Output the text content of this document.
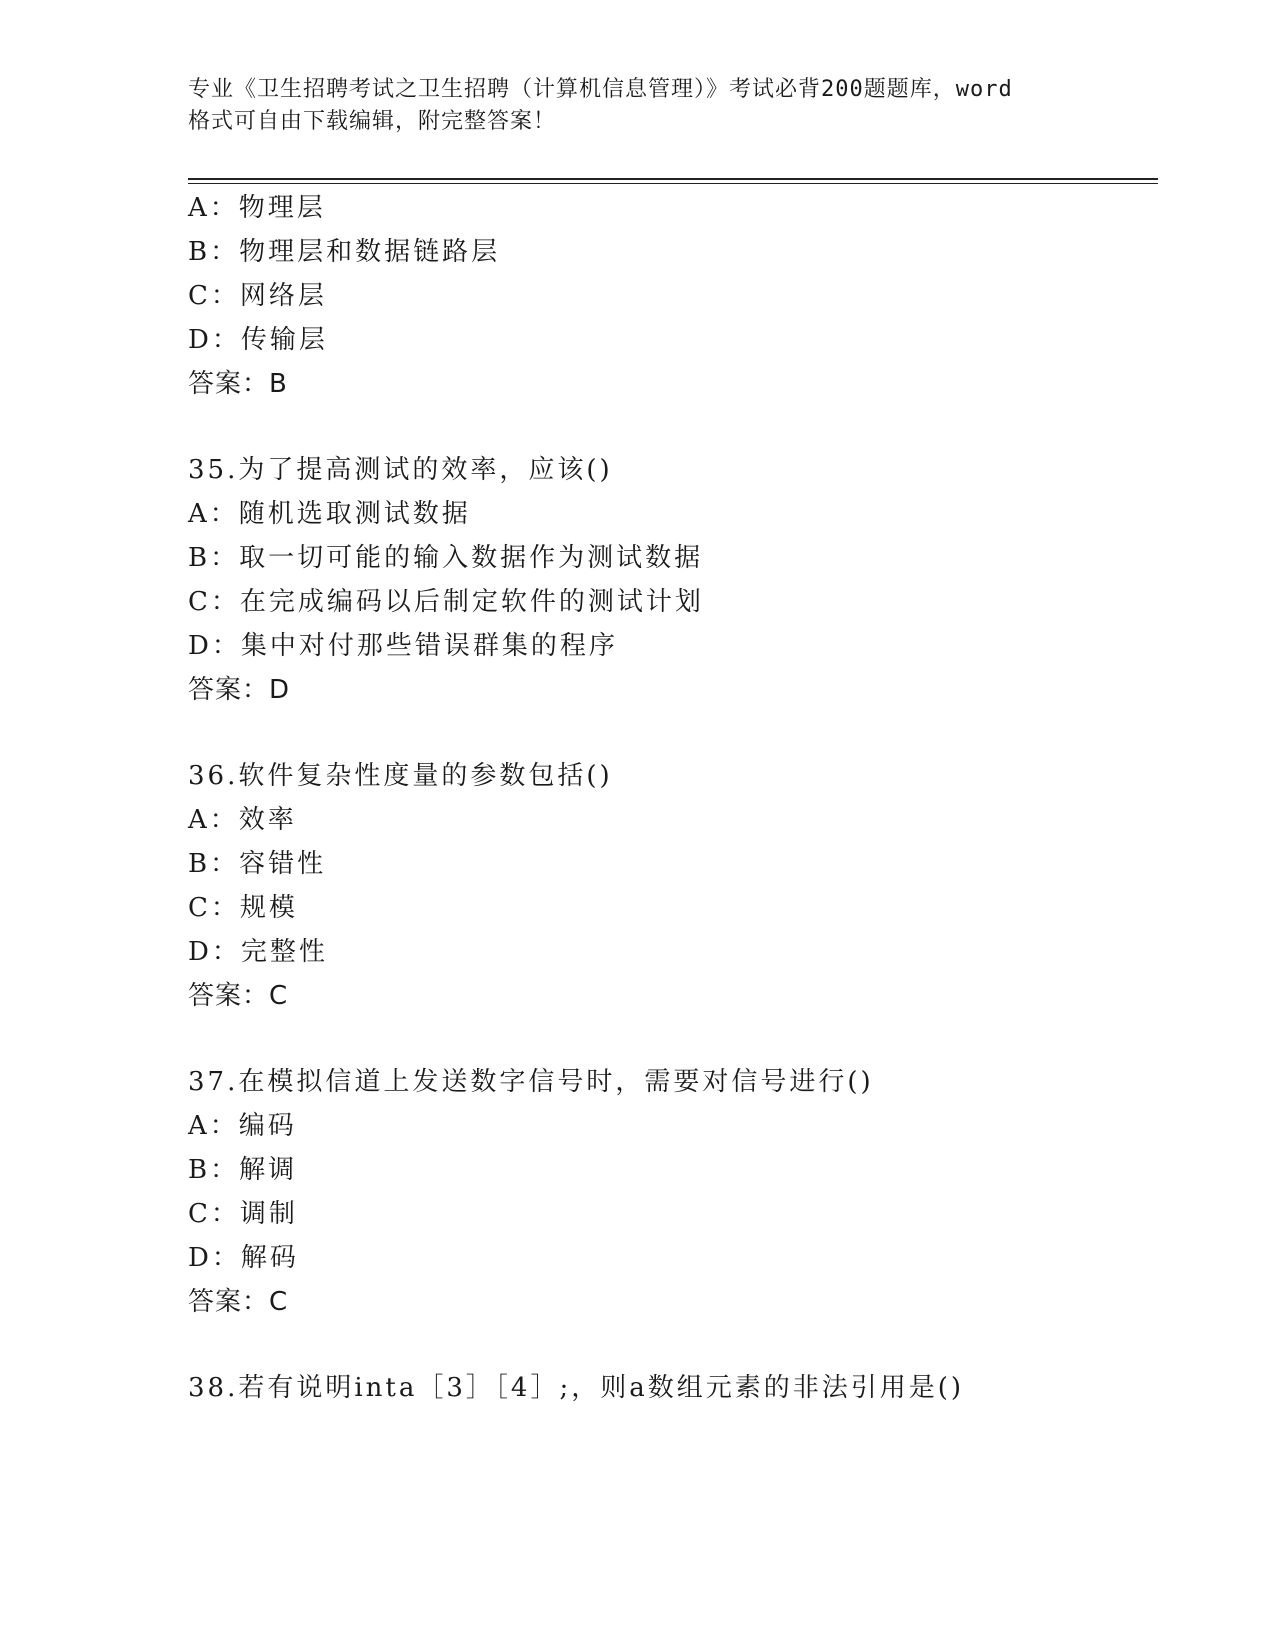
专业《卫生招聘考试之卫生招聘（计算机信息管理）》考试必背200题题库，word
格式可自由下载编辑，附完整答案！
A：物理层
B：物理层和数据链路层
C：网络层
D：传输层
答案：B
35.为了提高测试的效率，应该()
A：随机选取测试数据
B：取一切可能的输入数据作为测试数据
C：在完成编码以后制定软件的测试计划
D：集中对付那些错误群集的程序
答案：D
36.软件复杂性度量的参数包括()
A：效率
B：容错性
C：规模
D：完整性
答案：C
37.在模拟信道上发送数字信号时，需要对信号进行()
A：编码
B：解调
C：调制
D：解码
答案：C
38.若有说明inta［3］［4］;，则a数组元素的非法引用是()
